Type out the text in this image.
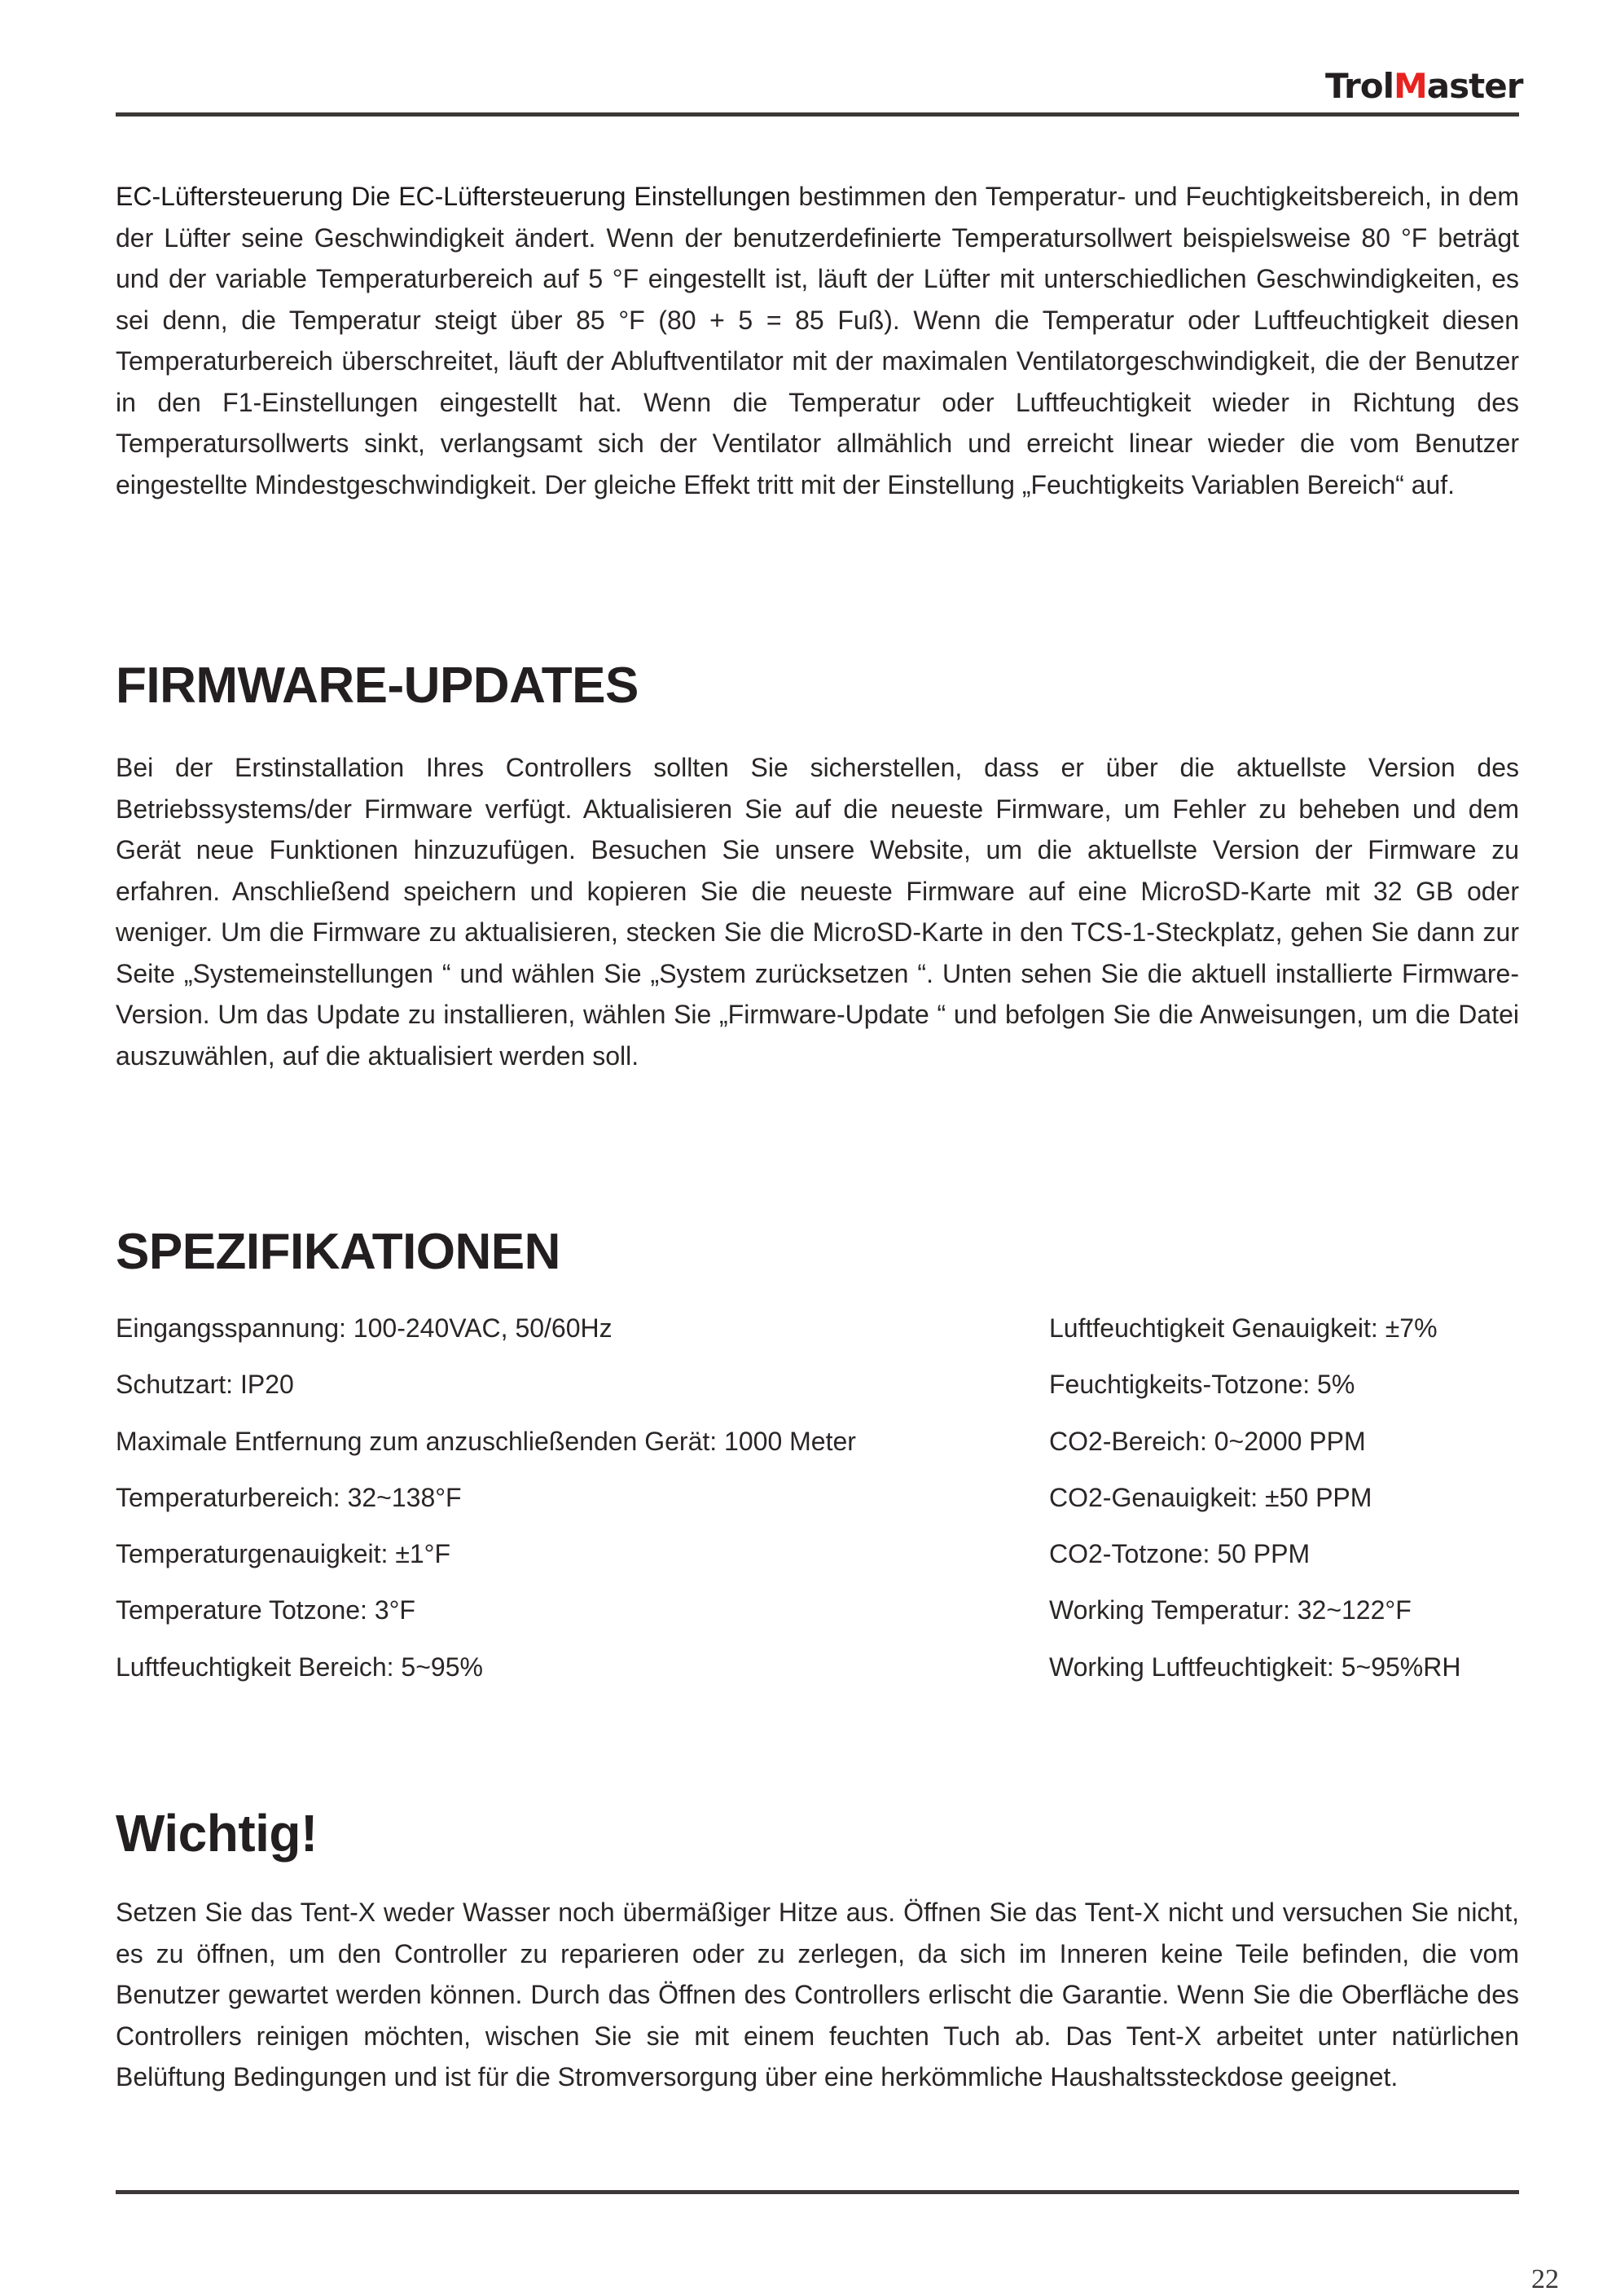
TrolMaster

EC-Lüftersteuerung Die EC-Lüftersteuerung Einstellungen bestimmen den Temperatur- und Feuchtigkeitsbereich, in dem der Lüfter seine Geschwindigkeit ändert. Wenn der benutzerdefinierte Temperatursollwert beispielsweise 80 °F beträgt und der variable Temperaturbereich auf 5 °F eingestellt ist, läuft der Lüfter mit unterschiedlichen Geschwindigkeiten, es sei denn, die Temperatur steigt über 85 °F (80 + 5 = 85 Fuß). Wenn die Temperatur oder Luftfeuchtigkeit diesen Temperaturbereich überschreitet, läuft der Abluftventilator mit der maximalen Ventilatorgeschwindigkeit, die der Benutzer in den F1-Einstellungen eingestellt hat. Wenn die Temperatur oder Luftfeuchtigkeit wieder in Richtung des Temperatursollwerts sinkt, verlangsamt sich der Ventilator allmählich und erreicht linear wieder die vom Benutzer eingestellte Mindestgeschwindigkeit. Der gleiche Effekt tritt mit der Einstellung „Feuchtigkeits Variablen Bereich“ auf.

FIRMWARE-UPDATES

Bei der Erstinstallation Ihres Controllers sollten Sie sicherstellen, dass er über die aktuellste Version des Betriebssystems/der Firmware verfügt. Aktualisieren Sie auf die neueste Firmware, um Fehler zu beheben und dem Gerät neue Funktionen hinzuzufügen. Besuchen Sie unsere Website, um die aktuellste Version der Firmware zu erfahren. Anschließend speichern und kopieren Sie die neueste Firmware auf eine MicroSD-Karte mit 32 GB oder weniger. Um die Firmware zu aktualisieren, stecken Sie die MicroSD-Karte in den TCS-1-Steckplatz, gehen Sie dann zur Seite „Systemeinstellungen “ und wählen Sie „System zurücksetzen “. Unten sehen Sie die aktuell installierte Firmware-Version. Um das Update zu installieren, wählen Sie „Firmware-Update “ und befolgen Sie die Anweisungen, um die Datei auszuwählen, auf die aktualisiert werden soll.

SPEZIFIKATIONEN
Eingangsspannung: 100-240VAC, 50/60Hz
Schutzart: IP20
Maximale Entfernung zum anzuschließenden Gerät: 1000 Meter
Temperaturbereich: 32~138°F
Temperaturgenauigkeit: ±1°F
Temperature Totzone: 3°F
Luftfeuchtigkeit Bereich: 5~95%
Luftfeuchtigkeit Genauigkeit: ±7%
Feuchtigkeits-Totzone: 5%
CO2-Bereich: 0~2000 PPM
CO2-Genauigkeit: ±50 PPM
CO2-Totzone: 50 PPM
Working Temperatur: 32~122°F
Working Luftfeuchtigkeit: 5~95%RH
Wichtig!

Setzen Sie das Tent-X weder Wasser noch übermäßiger Hitze aus. Öffnen Sie das Tent-X nicht und versuchen Sie nicht, es zu öffnen, um den Controller zu reparieren oder zu zerlegen, da sich im Inneren keine Teile befinden, die vom Benutzer gewartet werden können. Durch das Öffnen des Controllers erlischt die Garantie. Wenn Sie die Oberfläche des Controllers reinigen möchten, wischen Sie sie mit einem feuchten Tuch ab. Das Tent-X arbeitet unter natürlichen Belüftung Bedingungen und ist für die Stromversorgung über eine herkömmliche Haushaltssteckdose geeignet.

22
